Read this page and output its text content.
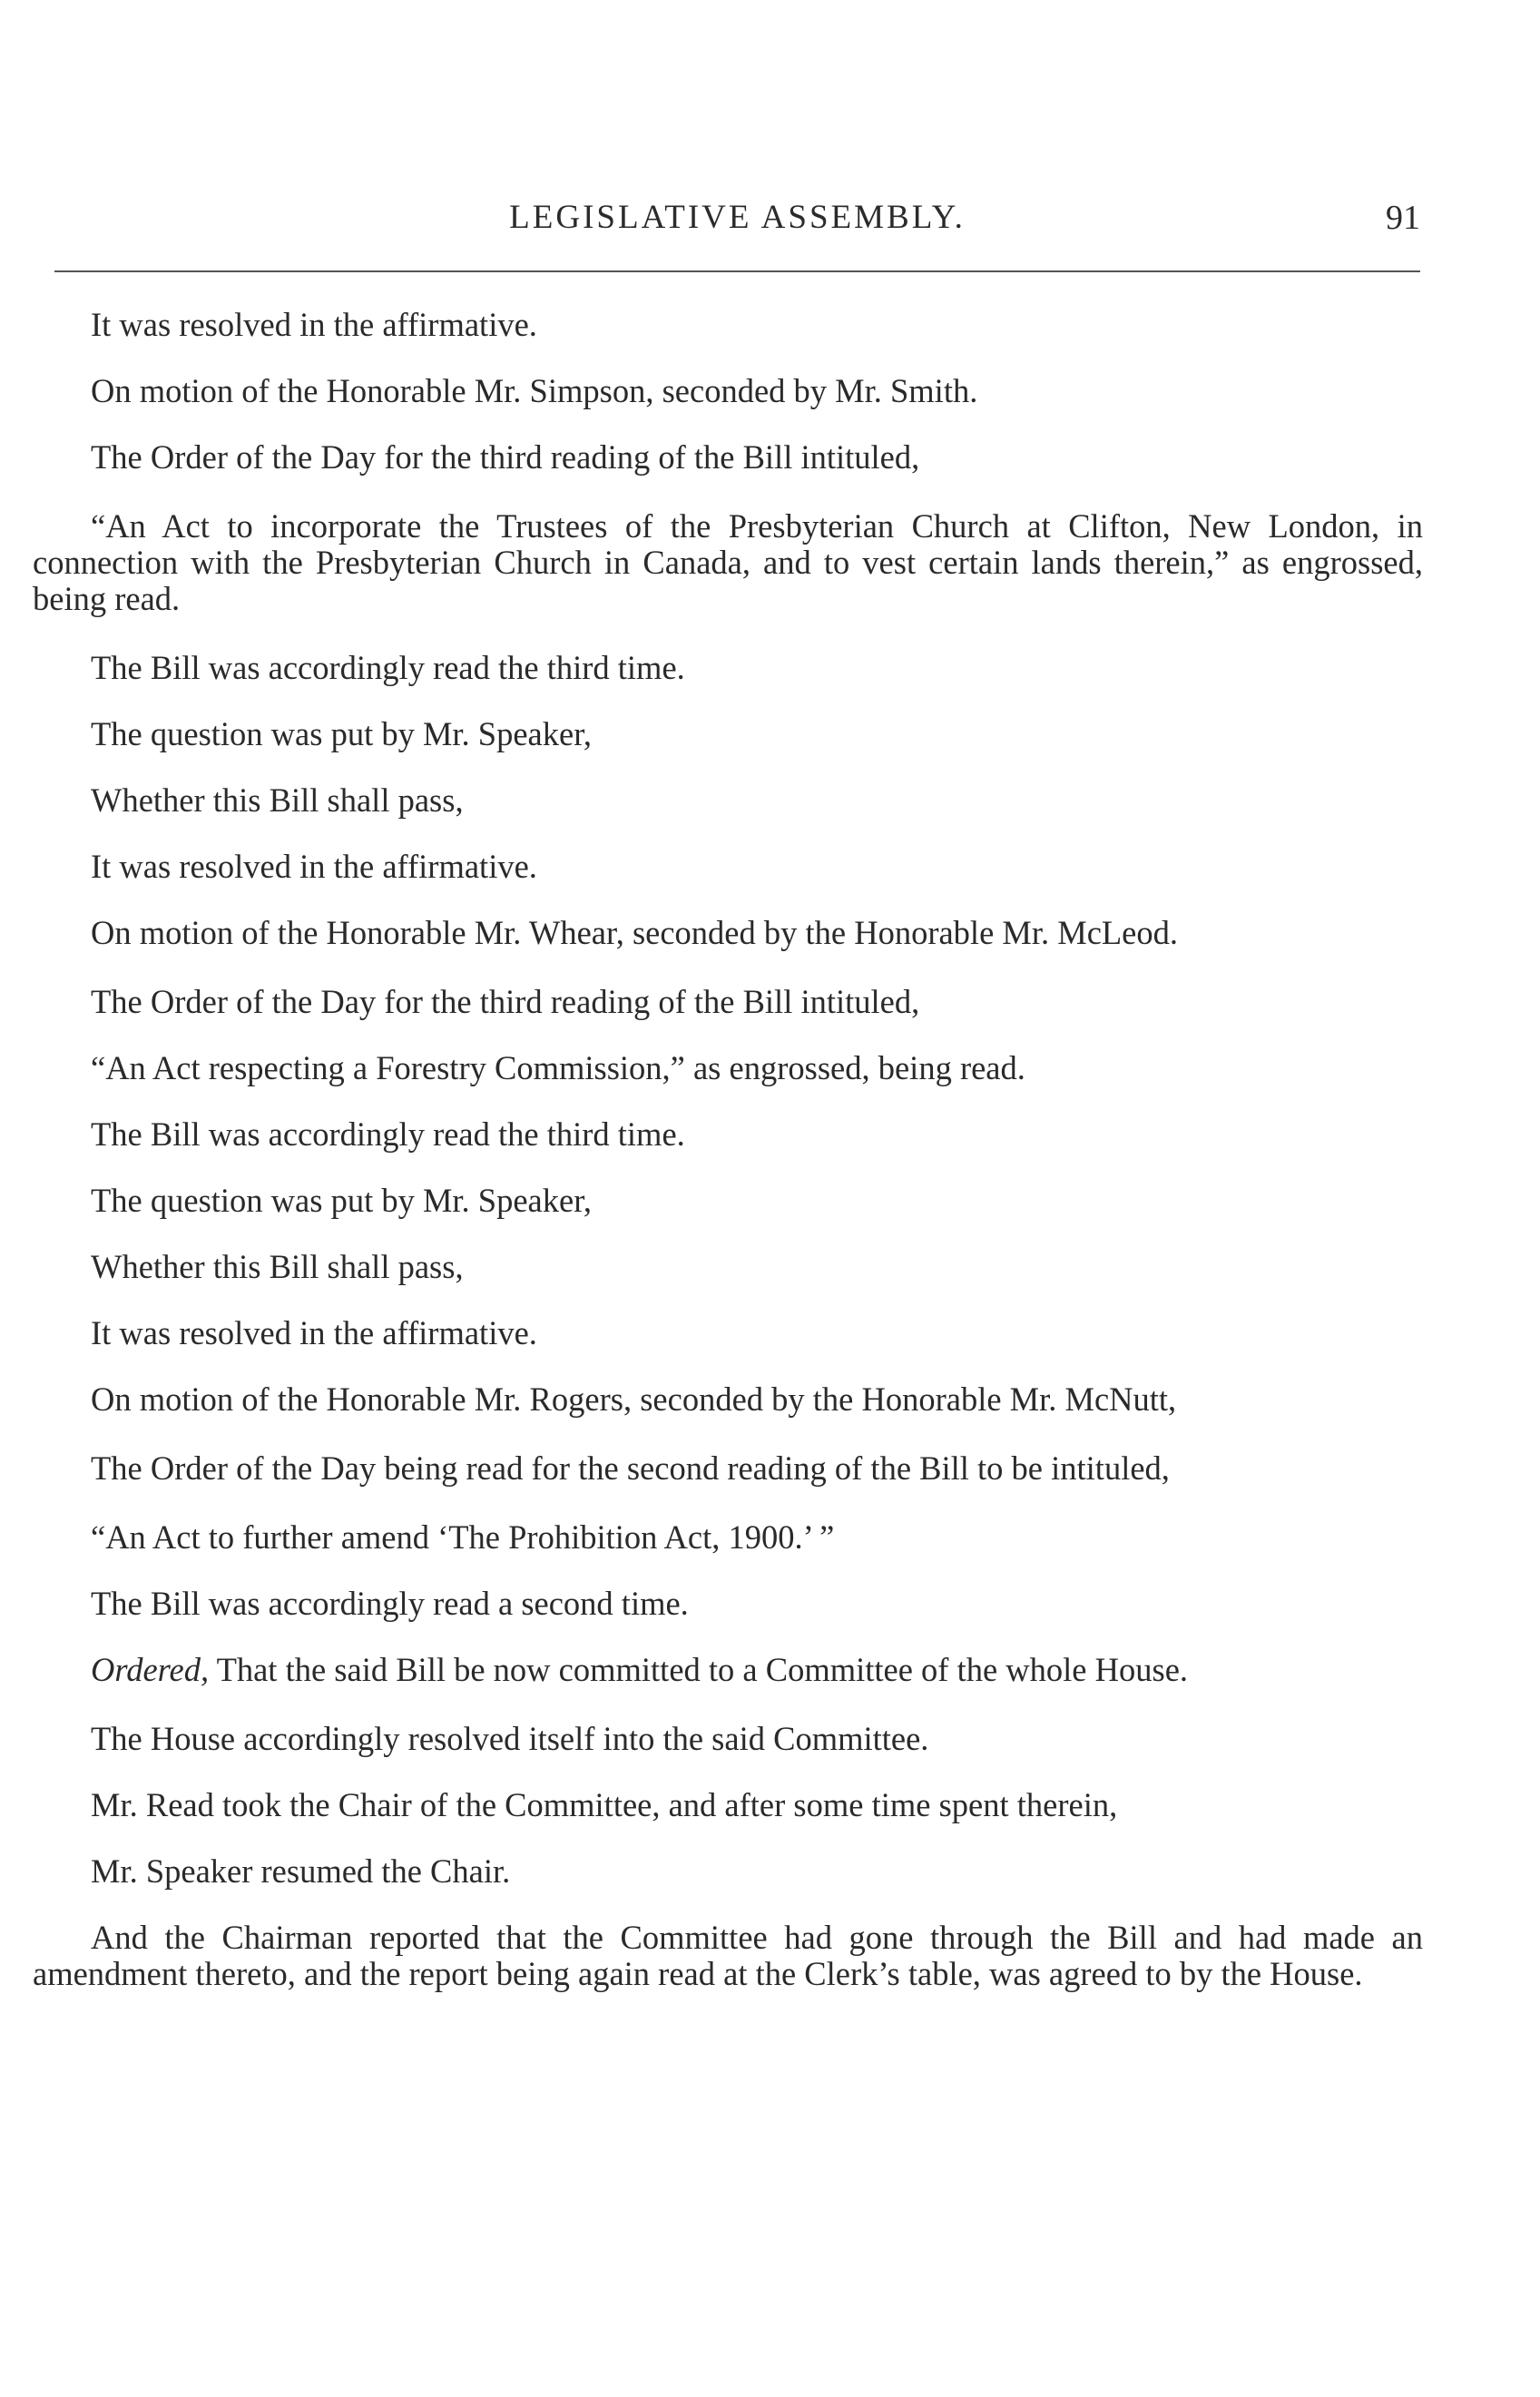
LEGISLATIVE ASSEMBLY.	91

It was resolved in the affirmative.

On motion of the Honorable Mr. Simpson, seconded by Mr. Smith.

The Order of the Day for the third reading of the Bill intituled,

“An Act to incorporate the Trustees of the Presbyterian Church at Clifton, New London, in connection with the Presbyterian Church in Canada, and to vest certain lands therein,” as engrossed, being read.

The Bill was accordingly read the third time.

The question was put by Mr. Speaker,

Whether this Bill shall pass,

It was resolved in the affirmative.

On motion of the Honorable Mr. Whear, seconded by the Honorable Mr. McLeod.

The Order of the Day for the third reading of the Bill intituled,

“An Act respecting a Forestry Commission,” as engrossed, being read.

The Bill was accordingly read the third time.

The question was put by Mr. Speaker,

Whether this Bill shall pass,

It was resolved in the affirmative.

On motion of the Honorable Mr. Rogers, seconded by the Honorable Mr. McNutt,

The Order of the Day being read for the second reading of the Bill to be intituled,

“An Act to further amend ‘The Prohibition Act, 1900.’ ”

The Bill was accordingly read a second time.

Ordered, That the said Bill be now committed to a Committee of the whole House.

The House accordingly resolved itself into the said Committee.

Mr. Read took the Chair of the Committee, and after some time spent therein,

Mr. Speaker resumed the Chair.

And the Chairman reported that the Committee had gone through the Bill and had made an amendment thereto, and the report being again read at the Clerk’s table, was agreed to by the House.
